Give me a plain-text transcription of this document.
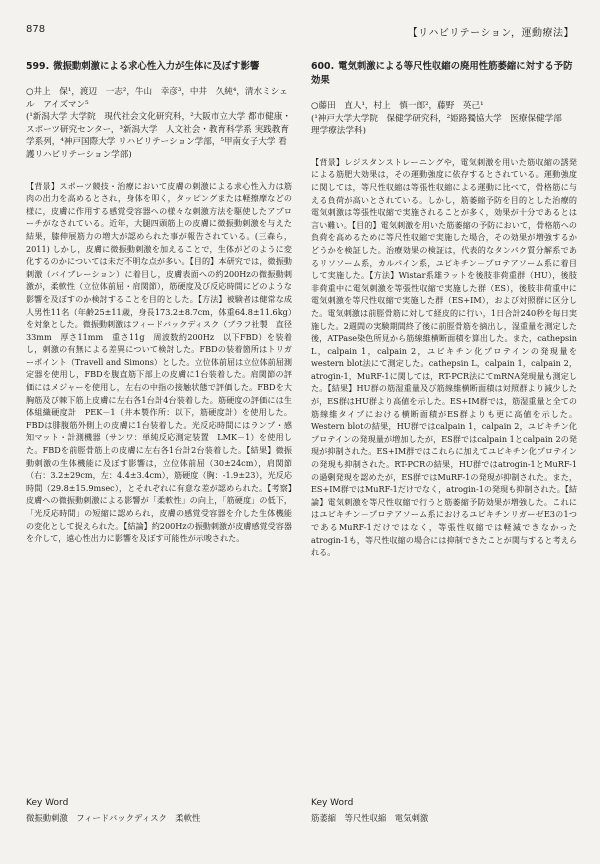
878	【リハビリテーション，運動療法】
599. 微振動刺激による求心性入力が生体に及ぼす影響
○井上　保¹，渡辺　一志²，牛山　幸彦³，中井　久純⁴，清水ミシェル　アイズマン⁵
(¹新潟大学 大学院　現代社会文化研究科，²大阪市立大学 都市健康・スポーツ研究センター，³新潟大学　人文社会・教育科学系 実践教育学系列，⁴神戸国際大学 リハビリテーション学部，⁵甲南女子大学 看護リハビリテーション学部)

【背景】スポーツ競技・治療において皮膚の刺激による求心性入力は筋肉の出力を高めるとされ，身体を叩く，タッピングまたは軽擦摩などの様に，皮膚に作用する感覚受容器への様々な刺激方法を駆使したアプローチがなされている。近年，大腿四頭筋上の皮膚に微振動刺激を与えた結果，膝伸展筋力の増大が認められた事が報告されている。(三森ら，2011) しかし，皮膚に微振動刺激を加えることで，生体がどのように変化するのかについては未だ不明な点が多い。【目的】本研究では，微振動刺激（バイブレーション）に着目し，皮膚表面への約200Hzの微振動刺激が，柔軟性（立位体前屈・肩関節），筋硬度及び反応時間にどのような影響を及ぼすのか検討することを目的とした。【方法】被験者は健常な成人男性11名（年齢25±11歳，身長173.2±8.7cm，体重64.8±11.6kg）を対象とした。微振動刺激はフィードバックディスク（ブラフ社製　直径33mm　厚さ11mm　重さ11g　周波数約200Hz　以下FBD）を装着し，刺激の有無による差異について検討した。FBDの装着箇所はトリガーポイント（Travell and Simons）とした。立位体前屈は立位体前屈測定器を使用し，FBDを腹直筋下部上の皮膚に1台装着した。肩関節の評価にはメジャーを使用し，左右の中指の接触状態で評価した。FBDを大胸筋及び棘下筋上皮膚に左右各1台計4台装着した。筋硬度の評価には生体組織硬度計　PEK－1（井本製作所：以下，筋硬度計）を使用した。FBDは腓腹筋外側上の皮膚に1台装着した。光反応時間にはランプ・感知マット・計測機器（サンワ：単純反応測定装置　LMK－1）を使用した。FBDを前脛骨筋上の皮膚に左右各1台計2台装着した。【結果】微振動刺激の生体機能に及ぼす影響は，立位体前屈（30±24cm），肩関節（右：3.2±29cm，左：4.4±3.4cm），筋硬度（胸：-1.9±23），光反応時間（29.8±15.9msec），とそれぞれに有意な差が認められた。【考察】皮膚への微振動刺激による影響が「柔軟性」の向上，「筋硬度」の低下，「光反応時間」の短縮に認められ，皮膚の感覚受容器を介した生体機能の変化として捉えられた。【結論】約200Hzの振動刺激が皮膚感覚受容器を介して，遠心性出力に影響を及ぼす可能性が示唆された。

600. 電気刺激による等尺性収縮の廃用性筋萎縮に対する予防効果
○藤田　直人¹，村上　慎一郎²，藤野　英己¹
(¹神戸大学大学院　保健学研究科，²姫路獨協大学　医療保健学部　理学療法学科)

【背景】レジスタンストレーニングや，電気刺激を用いた筋収縮の誘発による筋肥大効果は，その運動強度に依存するとされている。運動強度に関しては，等尺性収縮は等張性収縮による運動に比べて，骨格筋に与える負荷が高いとされている。しかし，筋萎縮予防を目的とした治療的電気刺激は等張性収縮で実施されることが多く，効果が十分であるとは言い難い。【目的】電気刺激を用いた筋萎縮の予防において，骨格筋への負荷を高めるために等尺性収縮で実施した場合，その効果が増強するかどうかを検証した。治療効果の検証は，代表的なタンパク質分解系であるリソソーム系，カルパイン系，ユビキチン－プロテアソーム系に着目して実施した。【方法】Wistar系雄ラットを後肢非荷重群（HU），後肢非荷重中に電気刺激を等張性収縮で実施した群（ES），後肢非荷重中に電気刺激を等尺性収縮で実施した群（ES+IM），および対照群に区分した。電気刺激は前脛骨筋に対して経皮的に行い，1日合計240秒を毎日実施した。2週間の実験期間終了後に前脛骨筋を摘出し，湿重量を測定した後，ATPase染色所見から筋線維横断面積を算出した。また，cathepsin L，calpain 1，calpain 2，ユビキチン化プロテインの発現量をwestern blot法にて測定した。cathepsin L，calpain 1，calpain 2，atrogin-1，MuRF-1に関しては，RT-PCR法にてmRNA発現量も測定した。【結果】HU群の筋湿重量及び筋線維横断面積は対照群より減少したが，ES群はHU群より高値を示した。ES+IM群では，筋湿重量と全ての筋線維タイプにおける横断面積がES群よりも更に高値を示した。Western blotの結果，HU群ではcalpain 1，calpain 2，ユビキチン化プロテインの発現量が増加したが，ES群ではcalpain 1とcalpain 2の発現が抑制された。ES+IM群ではこれらに加えてユビキチン化プロテインの発現も抑制された。RT-PCRの結果，HU群ではatrogin-1とMuRF-1の過剰発現を認めたが，ES群ではMuRF-1の発現が抑制された。また，ES+IM群ではMuRF-1だけでなく，atrogin-1の発現も抑制された。【結論】電気刺激を等尺性収縮で行うと筋萎縮予防効果が増強した。これにはユビキチン－プロテアソーム系におけるユビキチンリガーゼE3の1つであるMuRF-1だけではなく，等張性収縮では軽減できなかったatrogin-1も，等尺性収縮の場合には抑制できたことが関与すると考えられる。

Key Word
微振動刺激　フィードバックディスク　柔軟性
Key Word
筋萎縮　等尺性収縮　電気刺激
